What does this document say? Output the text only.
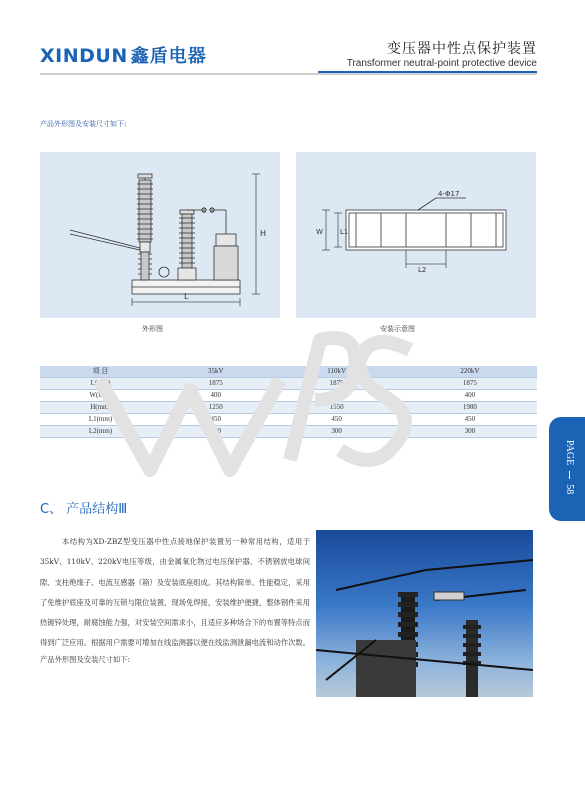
XINDUN 鑫盾电器	变压器中性点保护装置
Transformer neutral-point protective device
产品外形图及安装尺寸如下:
H
L
4-Φ17
W L1
L2
外形图	安装示意图
项 目	35kV	110kV	220kV
L(mm)	1875	1875	1875
W(mm)	400	400	400
H(mm)	1250	1550	1980
L1(mm)	450	450	450
L2(mm)	300	300	300
C、 产品结构Ⅲ
本结构为XD-ZBZ型变压器中性点接地保护装置另一种常用结构，适用于35kV、110kV、220kV电压等级，由金属氧化物过电压保护器、不锈钢放电球间隙、支柱绝缘子、电流互感器（箱）及安装底座组成。其结构简单、性能稳定，采用了免维护底座及可靠的互锁与限位装置，现场免焊接，安装维护便捷，整体钢件采用热镀锌处理，耐腐蚀能力强，对安装空间需求小，且适应多种场合下的布置等特点而得到广泛应用。根据用户需要可增加在线监测器以便在线监测泄漏电流和动作次数。
产品外形图及安装尺寸如下:
PAGE  58
